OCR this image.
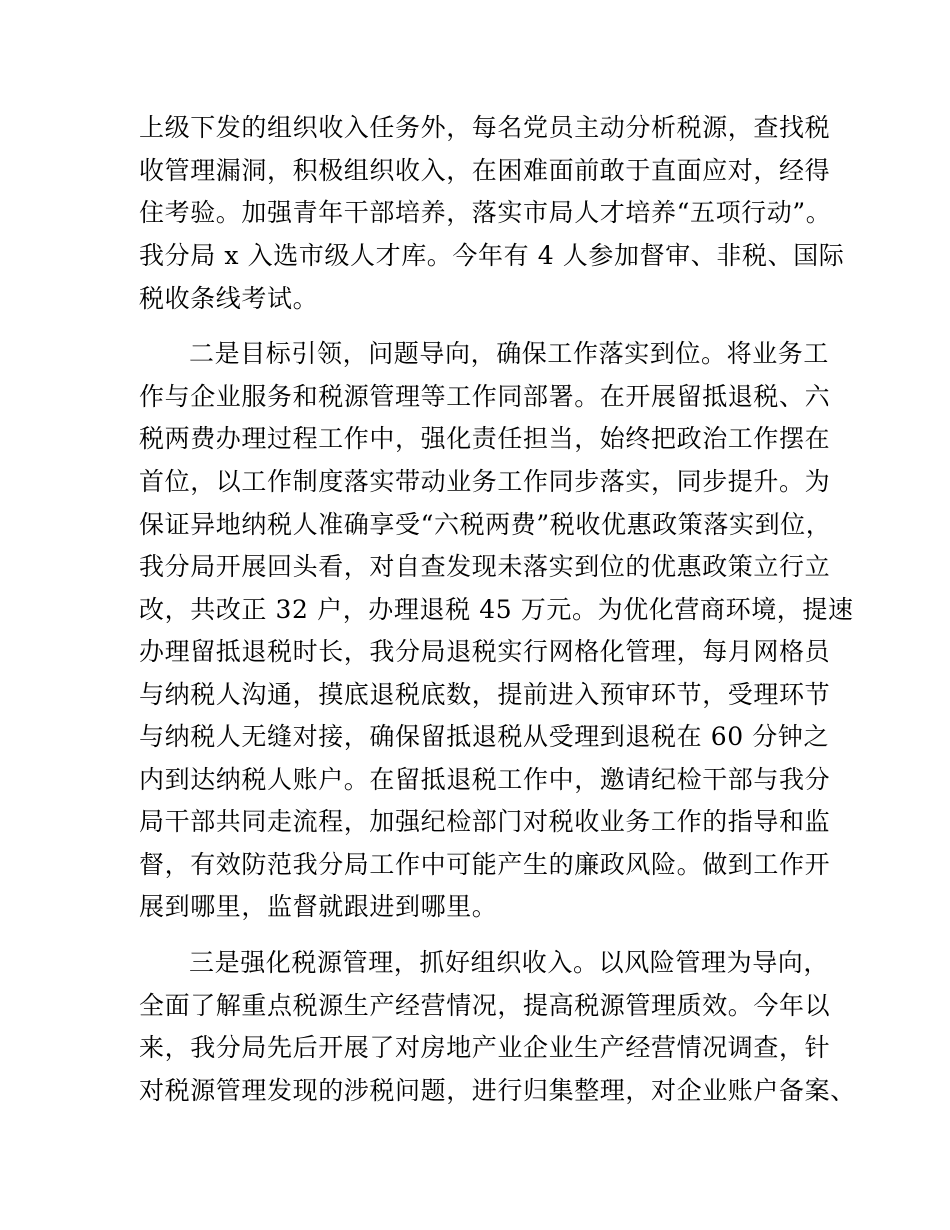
上级下发的组织收入任务外，每名党员主动分析税源，查找税
收管理漏洞，积极组织收入，在困难面前敢于直面应对，经得
住考验。加强青年干部培养，落实市局人才培养“五项行动”。
我分局 x 入选市级人才库。今年有 4 人参加督审、非税、国际
税收条线考试。
二是目标引领，问题导向，确保工作落实到位。将业务工
作与企业服务和税源管理等工作同部署。在开展留抵退税、六
税两费办理过程工作中，强化责任担当，始终把政治工作摆在
首位，以工作制度落实带动业务工作同步落实，同步提升。为
保证异地纳税人准确享受“六税两费”税收优惠政策落实到位，
我分局开展回头看，对自查发现未落实到位的优惠政策立行立
改，共改正 32 户，办理退税 45 万元。为优化营商环境，提速
办理留抵退税时长，我分局退税实行网格化管理，每月网格员
与纳税人沟通，摸底退税底数，提前进入预审环节，受理环节
与纳税人无缝对接，确保留抵退税从受理到退税在 60 分钟之
内到达纳税人账户。在留抵退税工作中，邀请纪检干部与我分
局干部共同走流程，加强纪检部门对税收业务工作的指导和监
督，有效防范我分局工作中可能产生的廉政风险。做到工作开
展到哪里，监督就跟进到哪里。
三是强化税源管理，抓好组织收入。以风险管理为导向，
全面了解重点税源生产经营情况，提高税源管理质效。今年以
来，我分局先后开展了对房地产业企业生产经营情况调查，针
对税源管理发现的涉税问题，进行归集整理，对企业账户备案、
